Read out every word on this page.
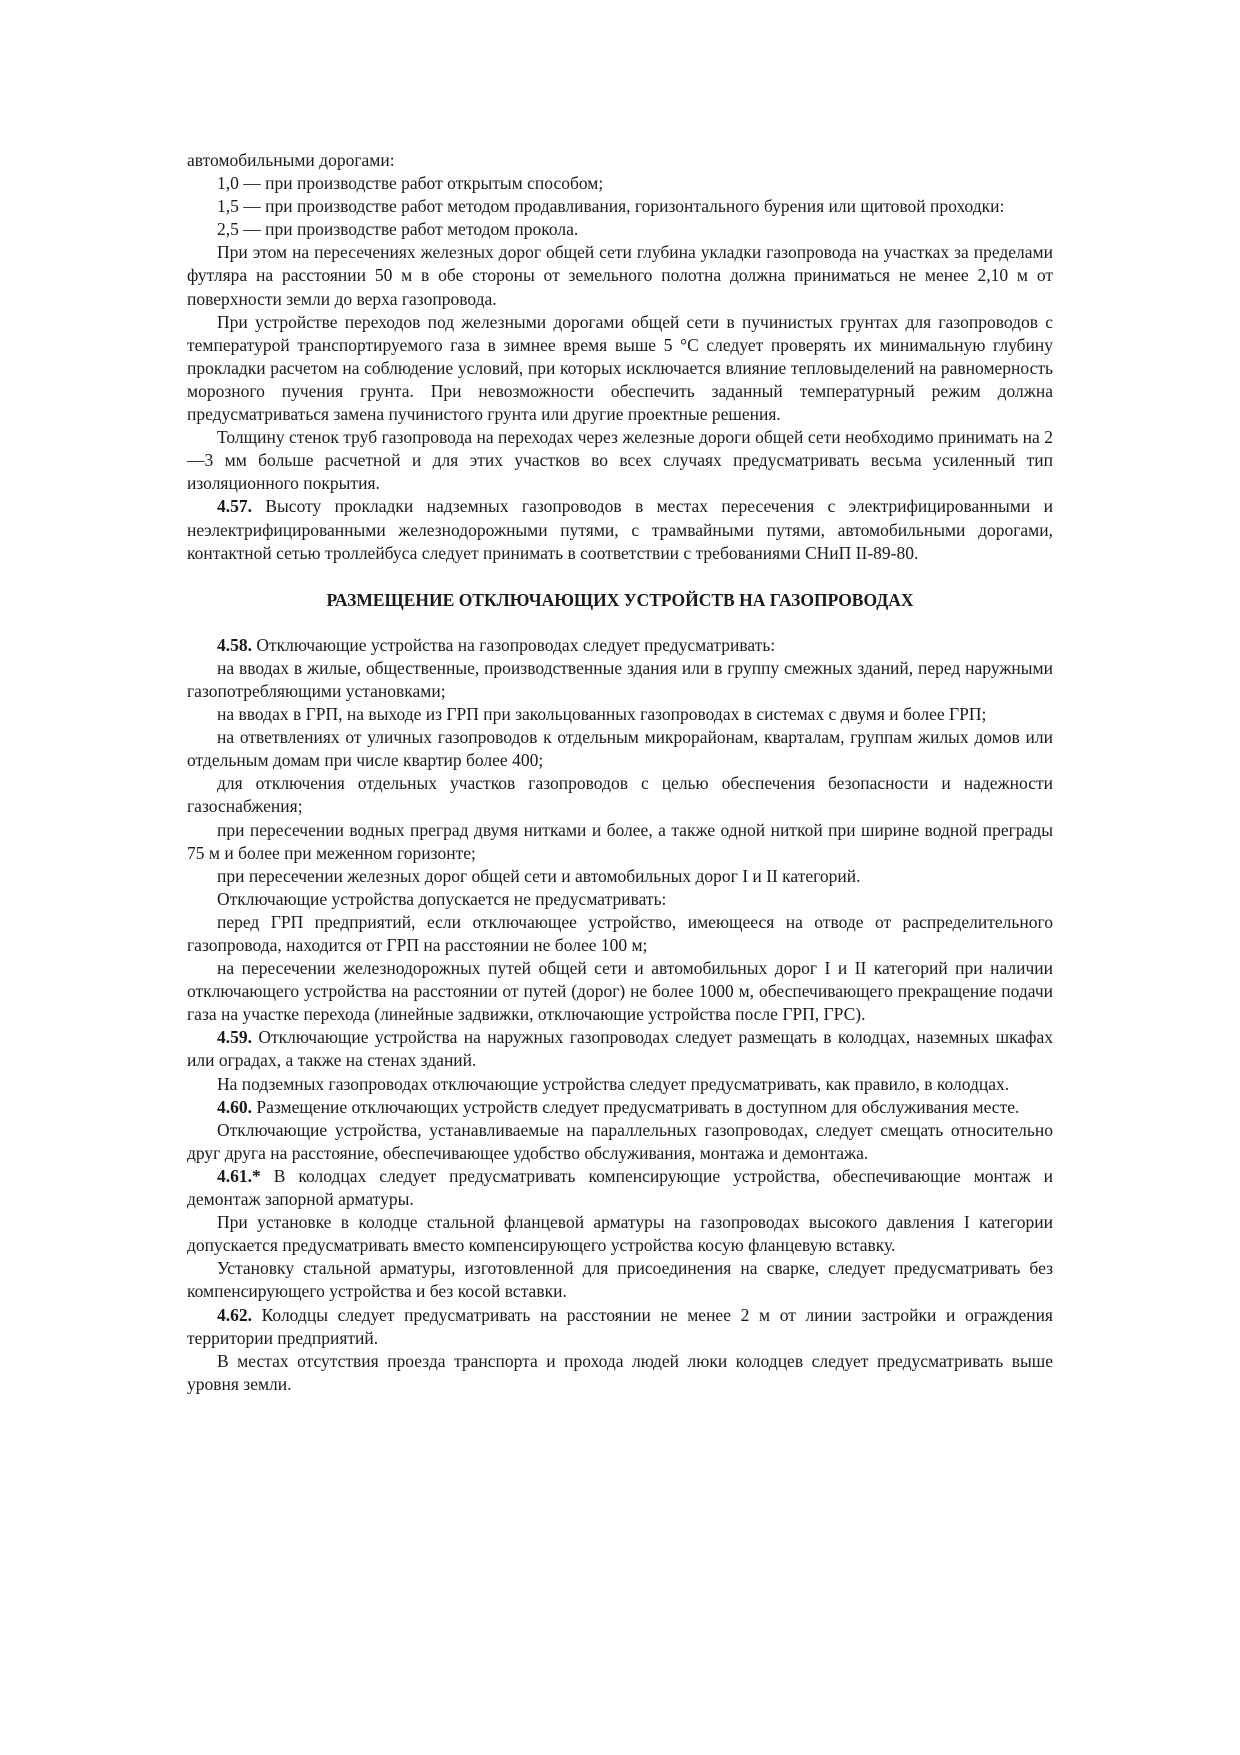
автомобильными дорогами:

1,0 — при производстве работ открытым способом;

1,5 — при производстве работ методом продавливания, горизонтального бурения или щитовой проходки:

2,5 — при производстве работ методом прокола.

При этом на пересечениях железных дорог общей сети глубина укладки газопровода на участках за пределами футляра на расстоянии 50 м в обе стороны от земельного полотна должна приниматься не менее 2,10 м от поверхности земли до верха газопровода.

При устройстве переходов под железными дорогами общей сети в пучинистых грунтах для газопроводов с температурой транспортируемого газа в зимнее время выше 5 °С следует проверять их минимальную глубину прокладки расчетом на соблюдение условий, при которых исключается влияние тепловыделений на равномерность морозного пучения грунта. При невозможности обеспечить заданный температурный режим должна предусматриваться замена пучинистого грунта или другие проектные решения.

Толщину стенок труб газопровода на переходах через железные дороги общей сети необходимо принимать на 2—3 мм больше расчетной и для этих участков во всех случаях предусматривать весьма усиленный тип изоляционного покрытия.

4.57. Высоту прокладки надземных газопроводов в местах пересечения с электрифицированными и неэлектрифицированными железнодорожными путями, с трамвайными путями, автомобильными дорогами, контактной сетью троллейбуса следует принимать в соответствии с требованиями СНиП II-89-80.

РАЗМЕЩЕНИЕ ОТКЛЮЧАЮЩИХ УСТРОЙСТВ НА ГАЗОПРОВОДАХ

4.58. Отключающие устройства на газопроводах следует предусматривать:

на вводах в жилые, общественные, производственные здания или в группу смежных зданий, перед наружными газопотребляющими установками;

на вводах в ГРП, на выходе из ГРП при закольцованных газопроводах в системах с двумя и более ГРП;

на ответвлениях от уличных газопроводов к отдельным микрорайонам, кварталам, группам жилых домов или отдельным домам при числе квартир более 400;

для отключения отдельных участков газопроводов с целью обеспечения безопасности и надежности газоснабжения;

при пересечении водных преград двумя нитками и более, а также одной ниткой при ширине водной преграды 75 м и более при меженном горизонте;

при пересечении железных дорог общей сети и автомобильных дорог I и II категорий.

Отключающие устройства допускается не предусматривать:

перед ГРП предприятий, если отключающее устройство, имеющееся на отводе от распределительного газопровода, находится от ГРП на расстоянии не более 100 м;

на пересечении железнодорожных путей общей сети и автомобильных дорог I и II категорий при наличии отключающего устройства на расстоянии от путей (дорог) не более 1000 м, обеспечивающего прекращение подачи газа на участке перехода (линейные задвижки, отключающие устройства после ГРП, ГРС).

4.59. Отключающие устройства на наружных газопроводах следует размещать в колодцах, наземных шкафах или оградах, а также на стенах зданий.

На подземных газопроводах отключающие устройства следует предусматривать, как правило, в колодцах.

4.60. Размещение отключающих устройств следует предусматривать в доступном для обслуживания месте.

Отключающие устройства, устанавливаемые на параллельных газопроводах, следует смещать относительно друг друга на расстояние, обеспечивающее удобство обслуживания, монтажа и демонтажа.

4.61.* В колодцах следует предусматривать компенсирующие устройства, обеспечивающие монтаж и демонтаж запорной арматуры.

При установке в колодце стальной фланцевой арматуры на газопроводах высокого давления I категории допускается предусматривать вместо компенсирующего устройства косую фланцевую вставку.

Установку стальной арматуры, изготовленной для присоединения на сварке, следует предусматривать без компенсирующего устройства и без косой вставки.

4.62. Колодцы следует предусматривать на расстоянии не менее 2 м от линии застройки и ограждения территории предприятий.

В местах отсутствия проезда транспорта и прохода людей люки колодцев следует предусматривать выше уровня земли.
